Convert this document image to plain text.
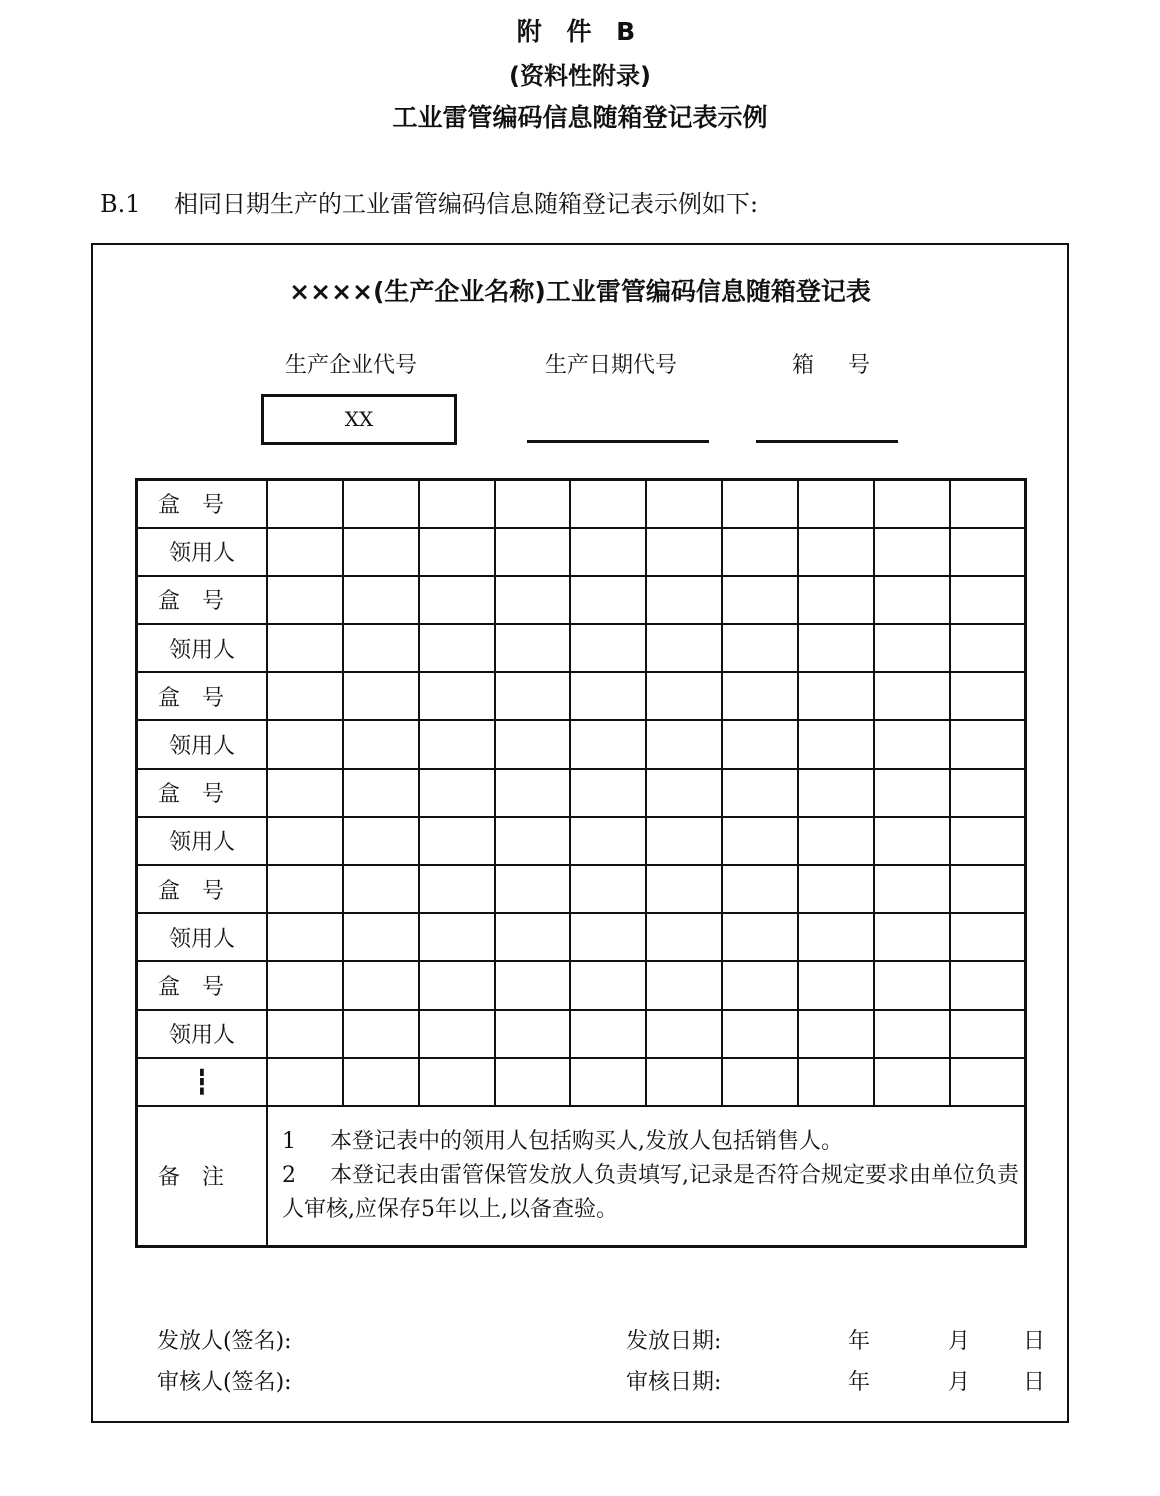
附 件 B
(资料性附录)
工业雷管编码信息随箱登记表示例
B.1 相同日期生产的工业雷管编码信息随箱登记表示例如下:
××××(生产企业名称)工业雷管编码信息随箱登记表
生产企业代号	生产日期代号	箱号
XX
盒号										
领用人										
盒号										
领用人										
盒号										
领用人										
盒号										
领用人										
盒号										
领用人										
盒号										
领用人										
┇										
备注	1 本登记表中的领用人包括购买人,发放人包括销售人。
2 本登记表由雷管保管发放人负责填写,记录是否符合规定要求由单位负责人审核,应保存5年以上,以备查验。									
发放人(签名):	发放日期:	年	月 日
审核人(签名):	审核日期:	年	月 日
